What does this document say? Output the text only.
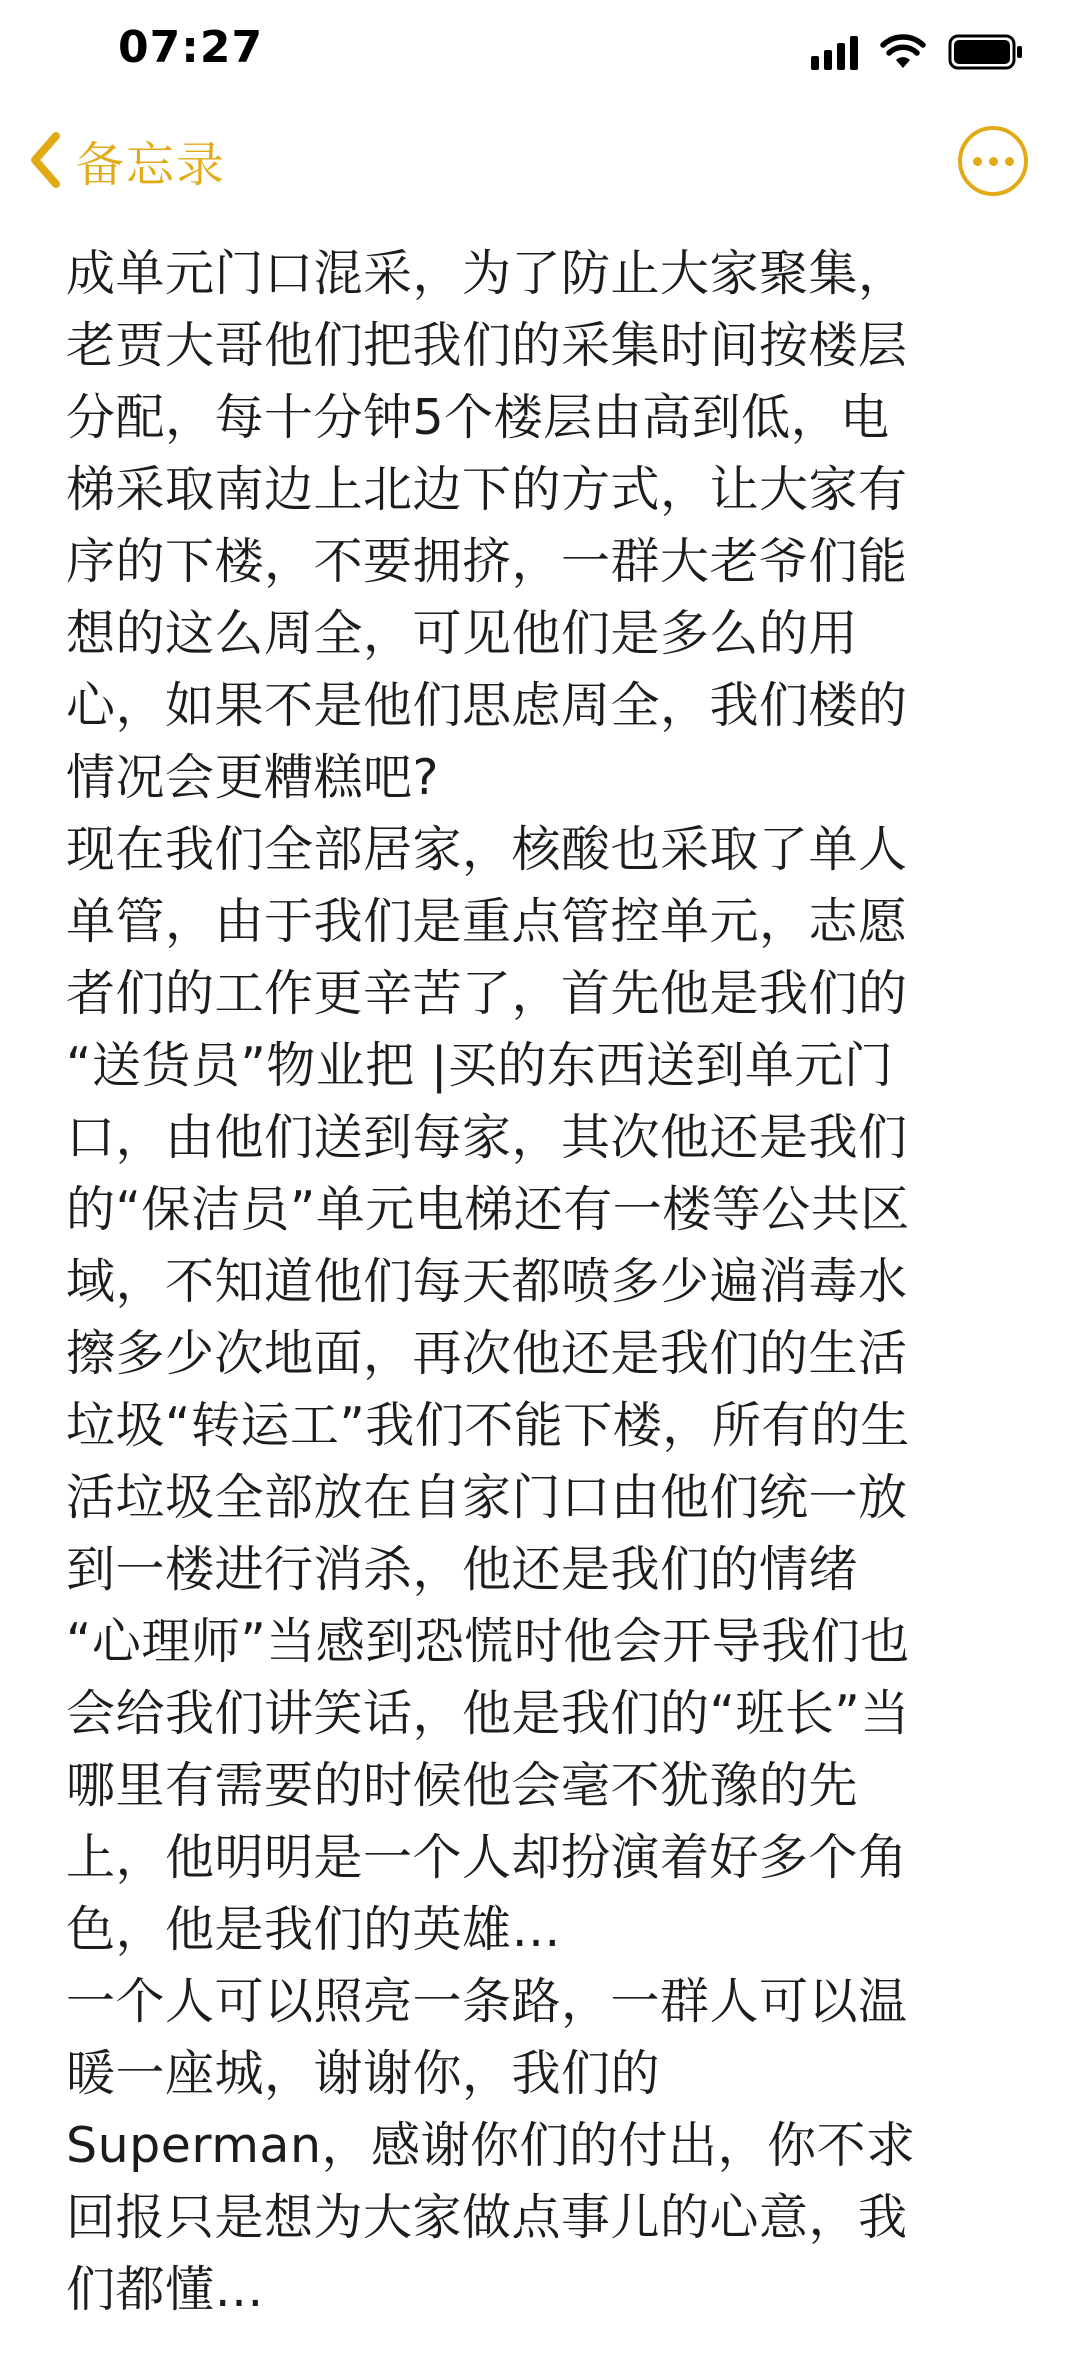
07:27
备忘录
成单元门口混采，为了防止大家聚集，
老贾大哥他们把我们的采集时间按楼层
分配，每十分钟5个楼层由高到低，电
梯采取南边上北边下的方式，让大家有
序的下楼，不要拥挤，一群大老爷们能
想的这么周全，可见他们是多么的用
心，如果不是他们思虑周全，我们楼的
情况会更糟糕吧?
现在我们全部居家，核酸也采取了单人
单管，由于我们是重点管控单元，志愿
者们的工作更辛苦了，首先他是我们的
“送货员”物业把 |买的东西送到单元门
口，由他们送到每家，其次他还是我们
的“保洁员”单元电梯还有一楼等公共区
域，不知道他们每天都喷多少遍消毒水
擦多少次地面，再次他还是我们的生活
垃圾“转运工”我们不能下楼，所有的生
活垃圾全部放在自家门口由他们统一放
到一楼进行消杀，他还是我们的情绪
“心理师”当感到恐慌时他会开导我们也
会给我们讲笑话，他是我们的“班长”当
哪里有需要的时候他会毫不犹豫的先
上，他明明是一个人却扮演着好多个角
色，他是我们的英雄…
一个人可以照亮一条路，一群人可以温
暖一座城，谢谢你，我们的
Superman，感谢你们的付出，你不求
回报只是想为大家做点事儿的心意，我
们都懂…
